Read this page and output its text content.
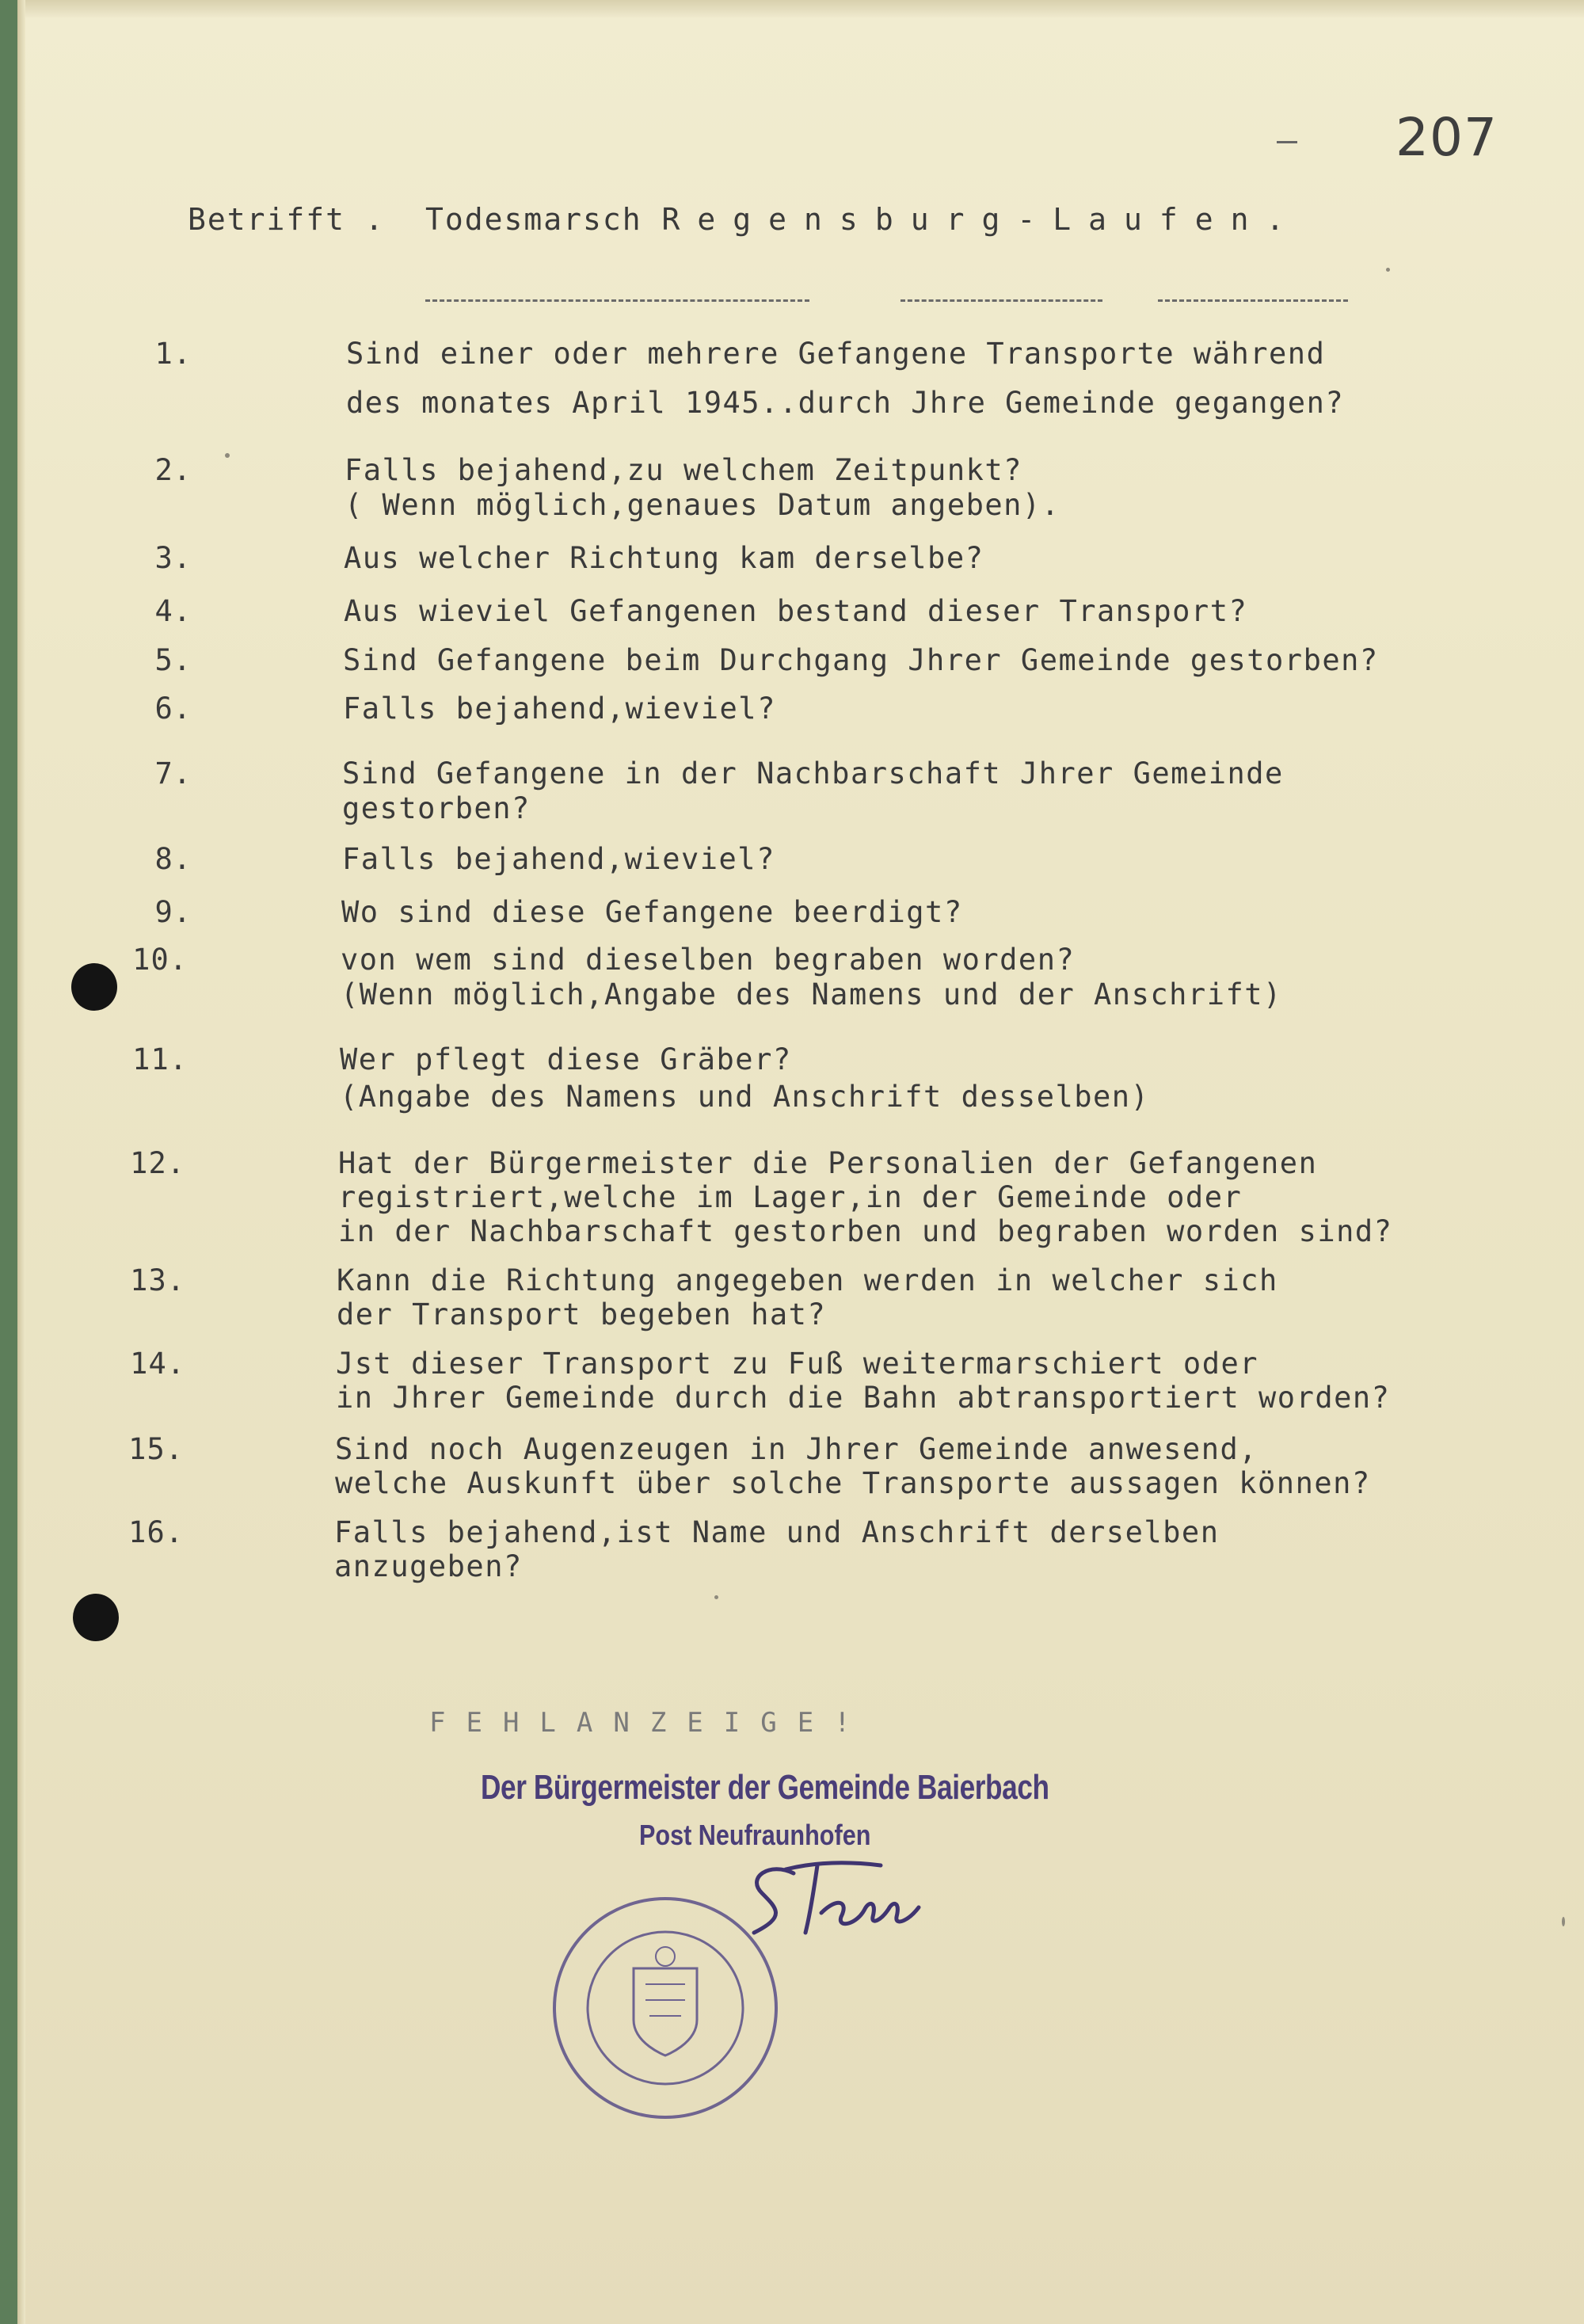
207
Betrifft . Todesmarsch Regensburg-Laufen.
1.	Sind einer oder mehrere Gefangene Transporte während
des monates April 1945..durch Jhre Gemeinde gegangen?
2.	Falls bejahend,zu welchem Zeitpunkt?
( Wenn möglich,genaues Datum angeben).
3.	Aus welcher Richtung kam derselbe?
4.	Aus wieviel Gefangenen bestand dieser Transport?
5.	Sind Gefangene beim Durchgang Jhrer Gemeinde gestorben?
6.	Falls bejahend,wieviel?
7.	Sind Gefangene in der Nachbarschaft Jhrer Gemeinde
gestorben?
8.	Falls bejahend,wieviel?
9.	Wo sind diese Gefangene beerdigt?
10.	von wem sind dieselben begraben worden?
(Wenn möglich,Angabe des Namens und der Anschrift)
11.	Wer pflegt diese Gräber?
(Angabe des Namens und Anschrift desselben)
12.	Hat der Bürgermeister die Personalien der Gefangenen
registriert,welche im Lager,in der Gemeinde oder
in der Nachbarschaft gestorben und begraben worden sind?
13.	Kann die Richtung angegeben werden in welcher sich
der Transport begeben hat?
14.	Jst dieser Transport zu Fuß weitermarschiert oder
in Jhrer Gemeinde durch die Bahn abtransportiert worden?
15.	Sind noch Augenzeugen in Jhrer Gemeinde anwesend,
welche Auskunft über solche Transporte aussagen können?
16.	Falls bejahend,ist Name und Anschrift derselben
anzugeben?
FEHLANZEIGE!
Der Bürgermeister der Gemeinde Baierbach
Post Neufraunhofen
